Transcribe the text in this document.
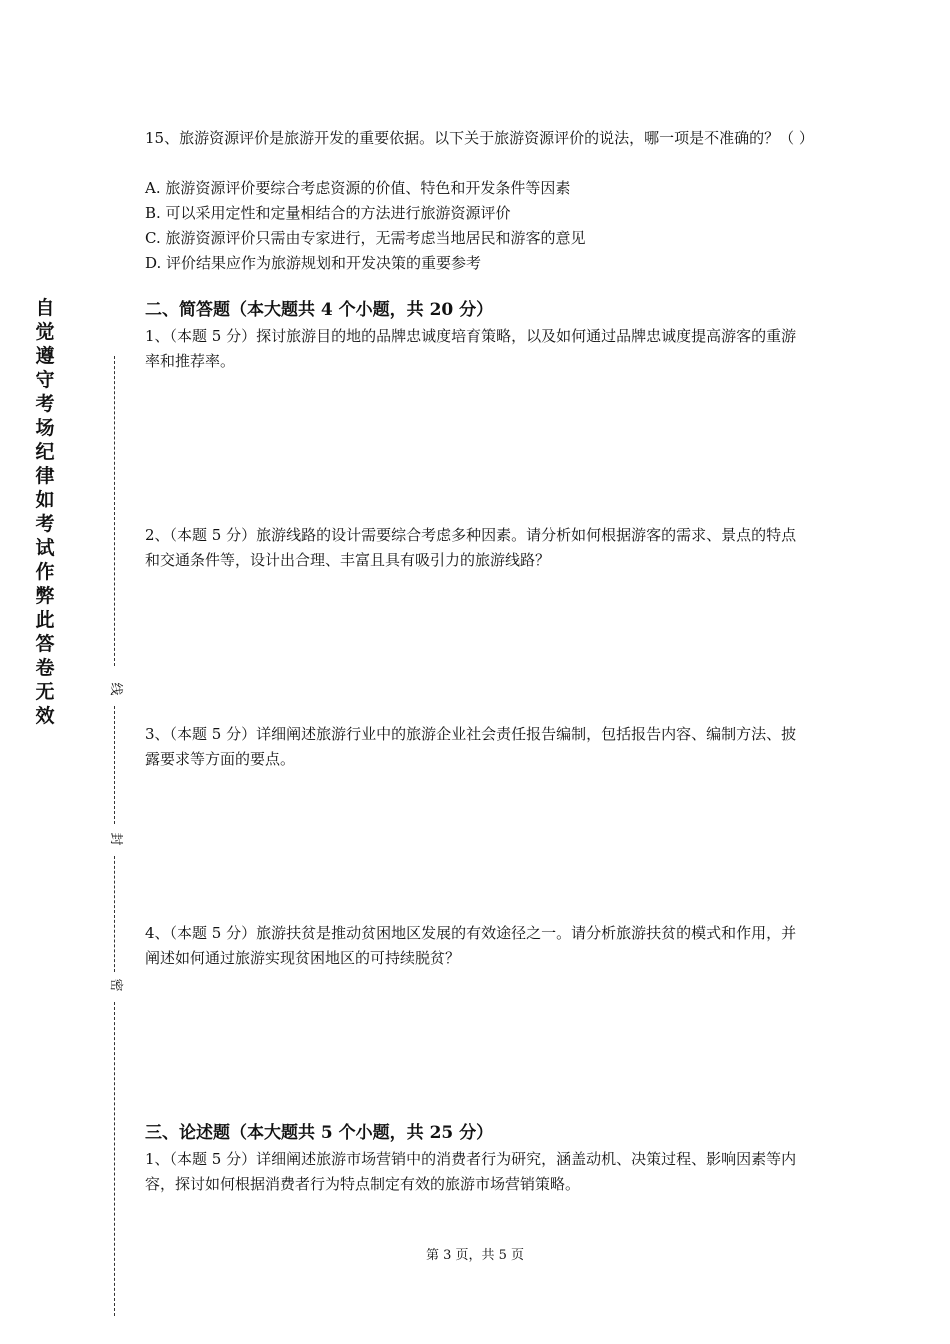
自觉遵守考场纪律如考试作弊此答卷无效
线
封
密

15、旅游资源评价是旅游开发的重要依据。以下关于旅游资源评价的说法，哪一项是不准确的？（ ）

A. 旅游资源评价要综合考虑资源的价值、特色和开发条件等因素
B. 可以采用定性和定量相结合的方法进行旅游资源评价
C. 旅游资源评价只需由专家进行，无需考虑当地居民和游客的意见
D. 评价结果应作为旅游规划和开发决策的重要参考
二、简答题（本大题共 4 个小题，共 20 分）

1、（本题 5 分）探讨旅游目的地的品牌忠诚度培育策略，以及如何通过品牌忠诚度提高游客的重游率和推荐率。

2、（本题 5 分）旅游线路的设计需要综合考虑多种因素。请分析如何根据游客的需求、景点的特点和交通条件等，设计出合理、丰富且具有吸引力的旅游线路？

3、（本题 5 分）详细阐述旅游行业中的旅游企业社会责任报告编制，包括报告内容、编制方法、披露要求等方面的要点。

4、（本题 5 分）旅游扶贫是推动贫困地区发展的有效途径之一。请分析旅游扶贫的模式和作用，并阐述如何通过旅游实现贫困地区的可持续脱贫？

三、论述题（本大题共 5 个小题，共 25 分）

1、（本题 5 分）详细阐述旅游市场营销中的消费者行为研究，涵盖动机、决策过程、影响因素等内容，探讨如何根据消费者行为特点制定有效的旅游市场营销策略。

第 3 页，共 5 页
